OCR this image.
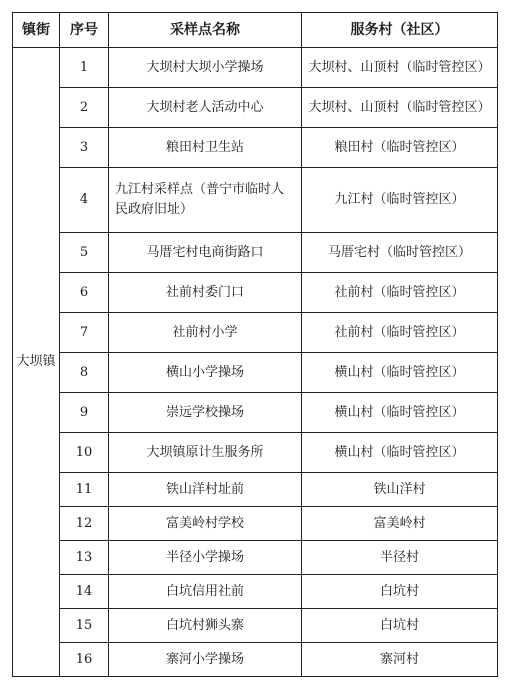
镇街	序号	采样点名称	服务村（社区）
大坝镇	1	大坝村大坝小学操场	大坝村、山顶村（临时管控区）
	2	大坝村老人活动中心	大坝村、山顶村（临时管控区）
	3	粮田村卫生站	粮田村（临时管控区）
	4	九江村采样点（普宁市临时人民政府旧址）	九江村（临时管控区）
	5	马厝宅村电商街路口	马厝宅村（临时管控区）
	6	社前村委门口	社前村（临时管控区）
	7	社前村小学	社前村（临时管控区）
	8	横山小学操场	横山村（临时管控区）
	9	崇远学校操场	横山村（临时管控区）
	10	大坝镇原计生服务所	横山村（临时管控区）
	11	铁山洋村址前	铁山洋村
	12	富美岭村学校	富美岭村
	13	半径小学操场	半径村
	14	白坑信用社前	白坑村
	15	白坑村狮头寨	白坑村
	16	寨河小学操场	寨河村
